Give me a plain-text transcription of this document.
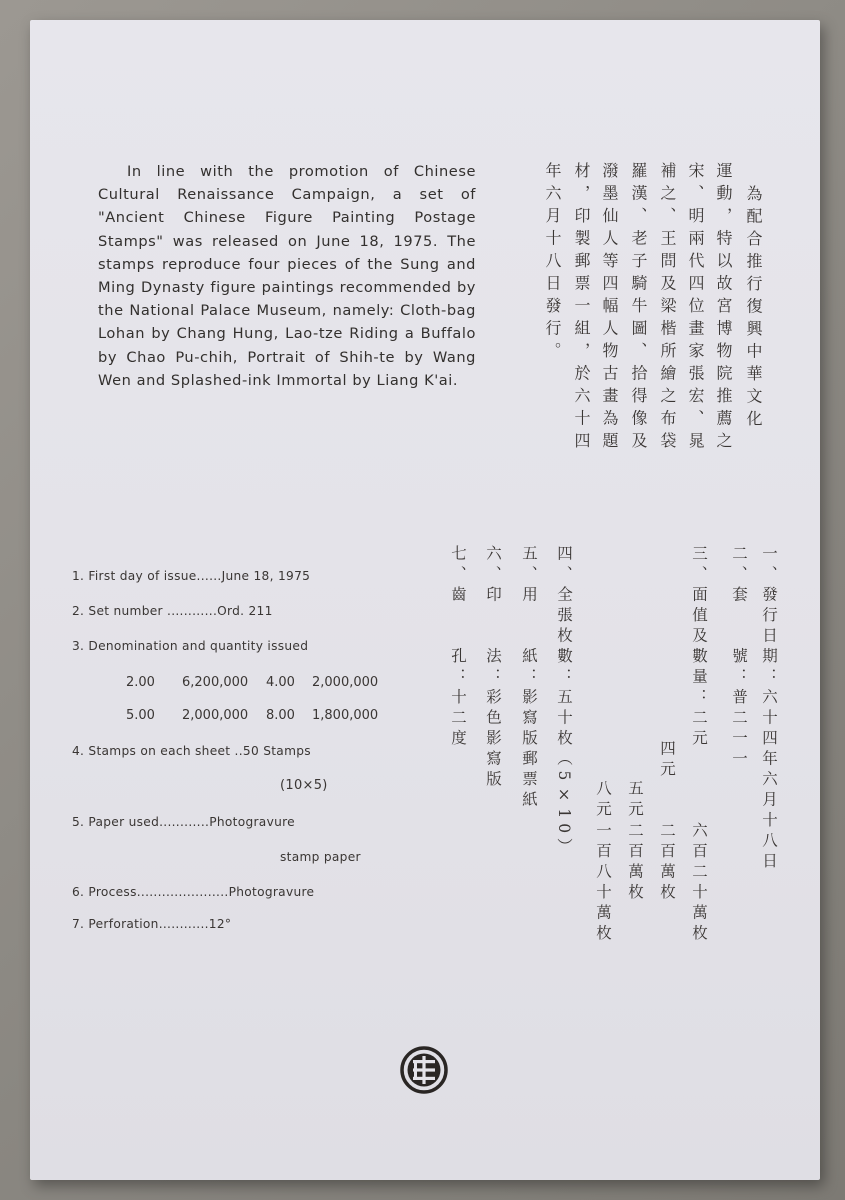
In line with the promotion of Chinese Cultural Renaissance Campaign, a set of "Ancient Chinese Figure Painting Postage Stamps" was released on June 18, 1975. The stamps reproduce four pieces of the Sung and Ming Dynasty figure paintings recommended by the National Palace Museum, namely: Cloth-bag Lohan by Chang Hung, Lao-tze Riding a Buffalo by Chao Pu-chih, Portrait of Shih-te by Wang Wen and Splashed-ink Immortal by Liang K'ai.	為配合推行復興中華文化
運動，特以故宮博物院推薦之
宋、明兩代四位畫家張宏、晁
補之、王問及梁楷所繪之布袋
羅漢、老子騎牛圖、拾得像及
潑墨仙人等四幅人物古畫為題
材，印製郵票一組，於六十四
年六月十八日發行。
一、發行日期：六十四年六月十八日
二、套　　號：普二一一
三、面值及數量：二元
四元
五元
八元
六百二十萬枚
二百萬枚
二百萬枚
一百八十萬枚
四、全張枚數：五十枚（5×10）
五、用　　紙：影寫版郵票紙
六、印　　法：彩色影寫版
七、齒　　孔：十二度
1. First day of issue......June 18, 1975
2. Set number ............Ord. 211
3. Denomination and quantity issued
2.00 6,200,000 4.00 2,000,000
5.00 2,000,000 8.00 1,800,000
4. Stamps on each sheet ..50 Stamps
(10×5)
5. Paper used............Photogravure
stamp paper
6. Process......................Photogravure
7. Perforation............12°
